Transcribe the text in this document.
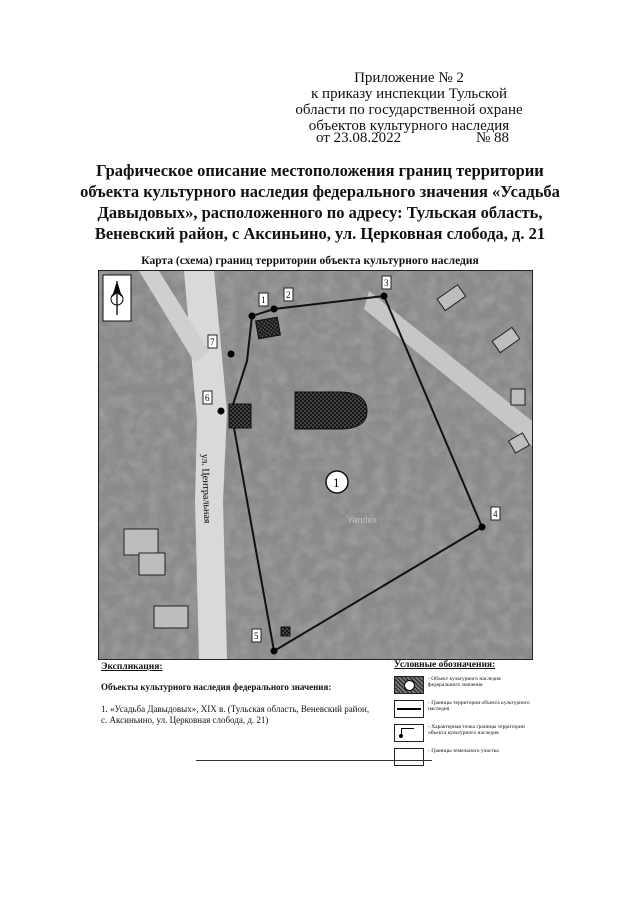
Приложение № 2
к приказу инспекции Тульской
области по государственной охране
объектов культурного наследия
от 23.08.2022	№ 88
Графическое описание местоположения границ территории
объекта культурного наследия федерального значения «Усадьба
Давыдовых», расположенного по адресу: Тульская область,
Веневский район, с Аксиньино, ул. Церковная слобода, д. 21
Карта (схема) границ территории объекта культурного наследия
1 2
3
4
5
6
7
1
Yandex
ул. Центральная
Экспликация:
Объекты культурного наследия федерального значения:
1. «Усадьба Давыдовых», XIX в. (Тульская область, Веневский район, с. Аксиньино, ул. Церковная слобода, д. 21)
Условные обозначения:
- Объект культурного наследия федерального значения
- Границы территории объекта культурного наследия
- Характерная точка границы территории объекта культурного наследия
- Границы земельного участка
